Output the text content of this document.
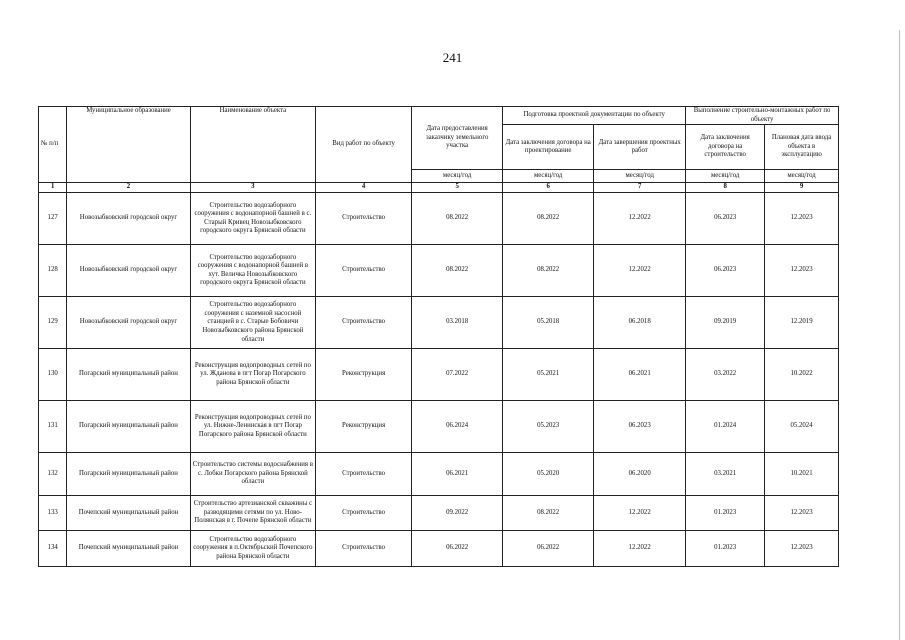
241
№ п/п	Муниципальное образование	Наименование объекта	Вид работ по объекту	Дата предоставления заказчику земельного участка	Подготовка проектной документации по объекту		Выполнение строительно-монтажных работ по объекту	
					Дата заключения договора на проектирование	Дата завершения проектных работ	Дата заключения договора на строительство	Плановая дата ввода объекта в эксплуатацию
				месяц/год	месяц/год	месяц/год	месяц/год	месяц/год
1	2	3	4	5	6	7	8	9
127	Новозыбковский городской округ	Строительство водозаборного сооружения с водонапорной башней в с. Старый Кривец Новозыбковского городского округа Брянской области	Строительство	08.2022	08.2022	12.2022	06.2023	12.2023
128	Новозыбковский городской округ	Строительство водозаборного сооружения с водонапорной башней в хут. Величка Новозыбковского городского округа Брянской области	Строительство	08.2022	08.2022	12.2022	06.2023	12.2023
129	Новозыбковский городской округ	Строительство водозаборного сооружения с наземной насосной станцией в с. Старые Бобовичи Новозыбковского района Брянской области	Строительство	03.2018	05.2018	06.2018	09.2019	12.2019
130	Погарский муниципальный район	Реконструкция водопроводных сетей по ул. Жданова в пгт Погар Погарского района Брянской области	Реконструкция	07.2022	05.2021	06.2021	03.2022	10.2022
131	Погарский муниципальный район	Реконструкция водопроводных сетей по ул. Нижне-Ленинская в пгт Погар Погарского района Брянской области	Реконструкция	06.2024	05.2023	06.2023	01.2024	05.2024
132	Погарский муниципальный район	Строительство системы водоснабжения в с. Лобки Погарского района Брянской области	Строительство	06.2021	05.2020	06.2020	03.2021	10.2021
133	Почепский муниципальный район	Строительство артезианской скважины с разводящими сетями по ул. Ново-Полянская в г. Почепе Брянской области	Строительство	09.2022	08.2022	12.2022	01.2023	12.2023
134	Почепский муниципальный район	Строительство водозаборного сооружения в п.Октябрьский Почепского района Брянской области	Строительство	06.2022	06.2022	12.2022	01.2023	12.2023
